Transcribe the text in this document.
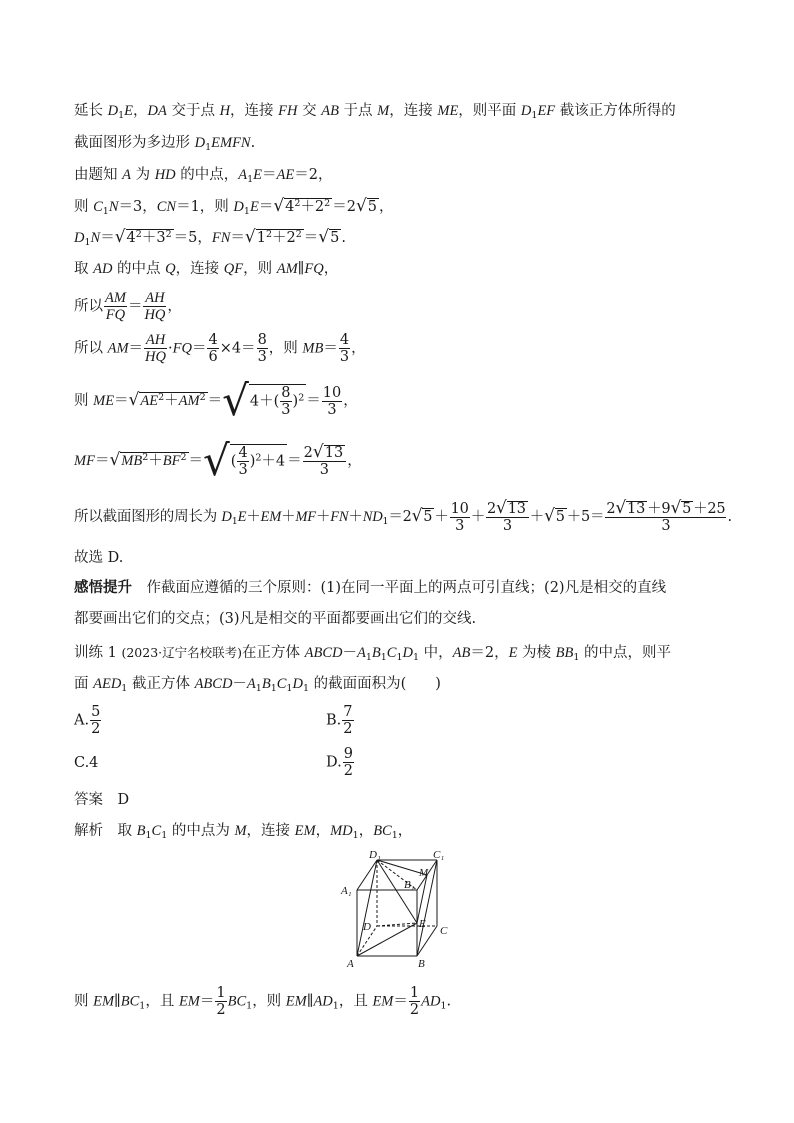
延长 $D_1E$，DA 交于点 H，连接 FH 交 AB 于点 M，连接 ME，则平面 $D_1EF$ 截该正方体所得的
截面图形为多边形 $D_1EMFN$.
由题知 A 为 HD 的中点，$A_1E=AE=2$，
则 $C_1N=3$，CN＝1，则 $D_1E=√4^2+2^2 =2√5$ ，
$D_1N=√4^2+3^2 =5$，$FN=√1^2+2^2 =√5$ .
取 AD 的中点 Q，连接 QF，则 AM∥FQ，
所以 $\frac{AM}{FQ} = \frac{AH}{HQ}$ ，
所以 $AM= \frac{AH}{HQ} \cdot FQ= \frac{4}{6} \times 4= \frac{8}{3}$ ，则 $MB= \frac{4}{3}$ ，
则 $ME=√AE^2+AM^2 =√4+( \frac{8}{3} )^2 = \frac{10}{3}$ ，
$MF=√MB^2+BF^2$ ＝√( $\frac{4}{3} )^2+4 = \frac{2√13}{3}$ ，
所以截面图形的周长为 $D_1E+EM+MF+FN+ND_1=2√5 + \frac{10}{3} + \frac{2√13}{3} +√5 +5= \frac{2√13 +9√5 +25}{3}$ .
故选 D.
感悟提升　 作截面应遵循的三个原则：(1)在同一平面上的两点可引直线；(2)凡是相交的直线
都要画出它们的交点；(3)凡是相交的平面都要画出它们的交线.
训练 1 (2023·辽宁名校联考)在正方体 $ABCD-A_1B_1C_1D_1$ 中，AB＝2，E 为棱 $BB_1$ 的中点，则平
面 $AED_1$ 截正方体 $ABCD-A_1B_1C_1D_1$ 的截面面积为(　　)
A. $\frac{5}{2}$	B. $\frac{7}{2}$
C.4	D. $\frac{9}{2}$
答案　 D
解析　取 $B_1C_1$ 的中点为 M，连接 EM，$MD_1$，$BC_1$，
D₁	C₁
A₁	B₁
M
D	E
C
A	B
则 $EM\parallel BC_1$，且 $EM= \frac{1}{2} BC_1$，则 $EM\parallel AD_1$，且 $EM= \frac{1}{2} AD_1$.
